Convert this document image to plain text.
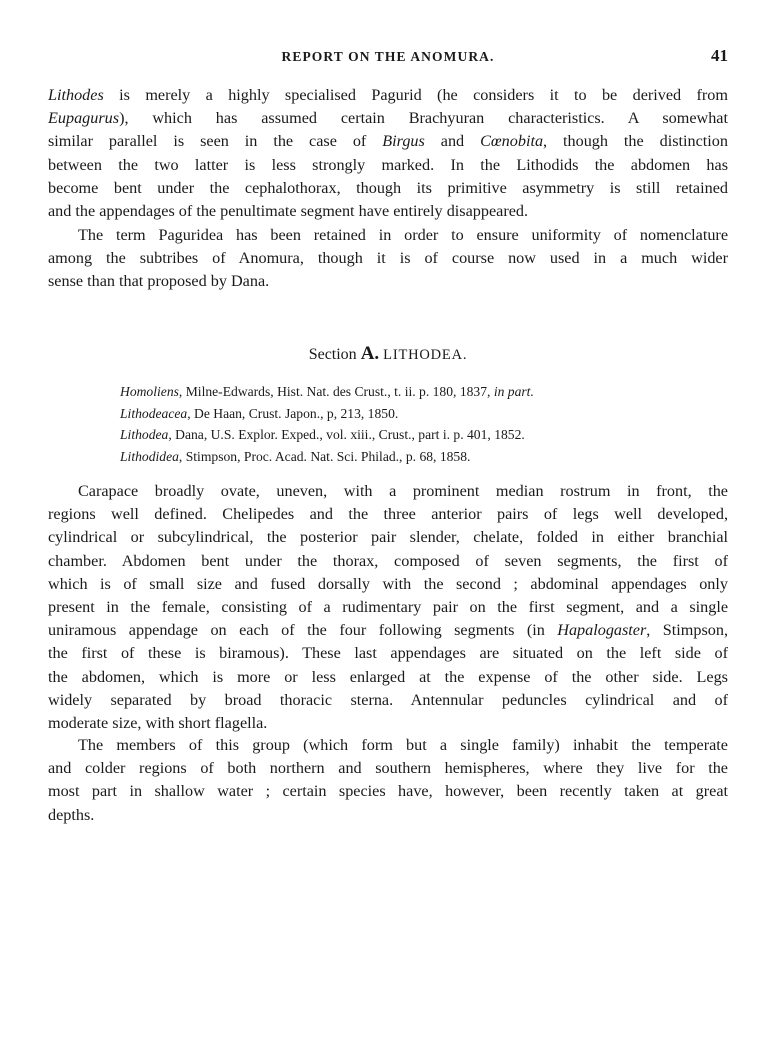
REPORT ON THE ANOMURA.	41
Lithodes is merely a highly specialised Pagurid (he considers it to be derived from
Eupagurus), which has assumed certain Brachyuran characteristics. A somewhat
similar parallel is seen in the case of Birgus and Cœnobita, though the distinction
between the two latter is less strongly marked. In the Lithodids the abdomen has
become bent under the cephalothorax, though its primitive asymmetry is still retained
and the appendages of the penultimate segment have entirely disappeared.
The term Paguridea has been retained in order to ensure uniformity of nomenclature
among the subtribes of Anomura, though it is of course now used in a much wider
sense than that proposed by Dana.
Section A. LITHODEA.
Homoliens, Milne-Edwards, Hist. Nat. des Crust., t. ii. p. 180, 1837, in part.
Lithodeacea, De Haan, Crust. Japon., p, 213, 1850.
Lithodea, Dana, U.S. Explor. Exped., vol. xiii., Crust., part i. p. 401, 1852.
Lithodidea, Stimpson, Proc. Acad. Nat. Sci. Philad., p. 68, 1858.
Carapace broadly ovate, uneven, with a prominent median rostrum in front, the
regions well defined. Chelipedes and the three anterior pairs of legs well developed,
cylindrical or subcylindrical, the posterior pair slender, chelate, folded in either branchial
chamber. Abdomen bent under the thorax, composed of seven segments, the first of
which is of small size and fused dorsally with the second ; abdominal appendages only
present in the female, consisting of a rudimentary pair on the first segment, and a single
uniramous appendage on each of the four following segments (in Hapalogaster, Stimpson,
the first of these is biramous). These last appendages are situated on the left side of
the abdomen, which is more or less enlarged at the expense of the other side. Legs
widely separated by broad thoracic sterna. Antennular peduncles cylindrical and of
moderate size, with short flagella.
The members of this group (which form but a single family) inhabit the temperate
and colder regions of both northern and southern hemispheres, where they live for the
most part in shallow water ; certain species have, however, been recently taken at great
depths.
